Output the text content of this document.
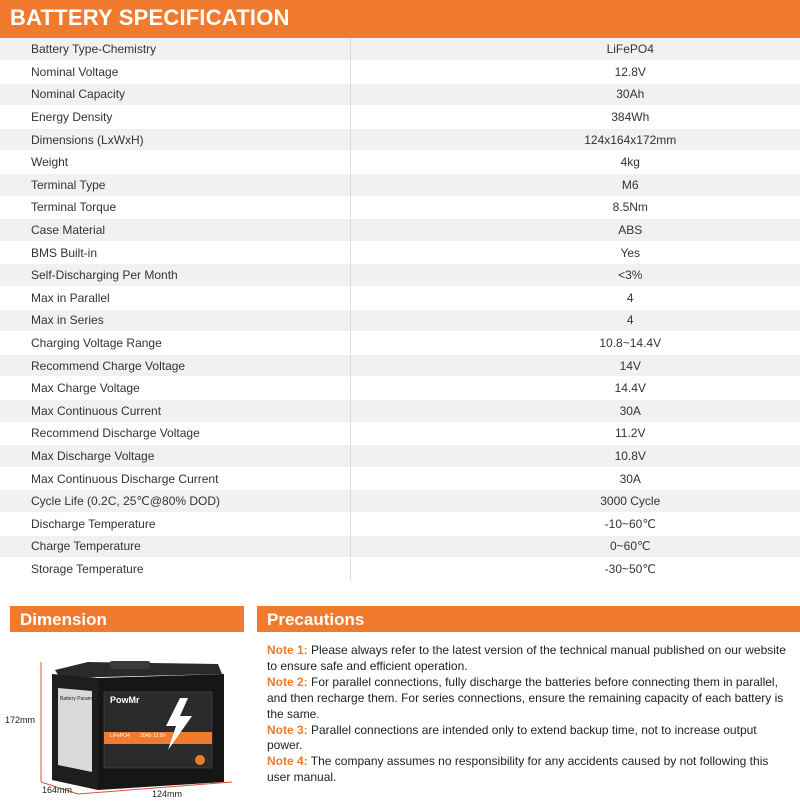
BATTERY SPECIFICATION
Battery Type-Chemistry	LiFePO4
Nominal Voltage	12.8V
Nominal Capacity	30Ah
Energy Density	384Wh
Dimensions (LxWxH)	124x164x172mm
Weight	4kg
Terminal Type	M6
Terminal Torque	8.5Nm
Case Material	ABS
BMS Built-in	Yes
Self-Discharging Per Month	<3%
Max in Parallel	4
Max in Series	4
Charging Voltage Range	10.8~14.4V
Recommend Charge Voltage	14V
Max Charge Voltage	14.4V
Max Continuous Current	30A
Recommend Discharge Voltage	11.2V
Max Discharge Voltage	10.8V
Max Continuous Discharge Current	30A
Cycle Life (0.2C, 25℃@80% DOD)	3000 Cycle
Discharge Temperature	-10~60℃
Charge Temperature	0~60℃
Storage Temperature	-30~50℃
Dimension	Precautions
Battery Parameter PowMr
LiFePO4 30Ah 12.8V
172mm
164mm	124mm

Note 1: Please always refer to the latest version of the technical manual published on our website to ensure safe and efficient operation.

Note 2: For parallel connections, fully discharge the batteries before connecting them in parallel, and then recharge them. For series connections, ensure the remaining capacity of each battery is the same.

Note 3: Parallel connections are intended only to extend backup time, not to increase output power.

Note 4: The company assumes no responsibility for any accidents caused by not following this user manual.
